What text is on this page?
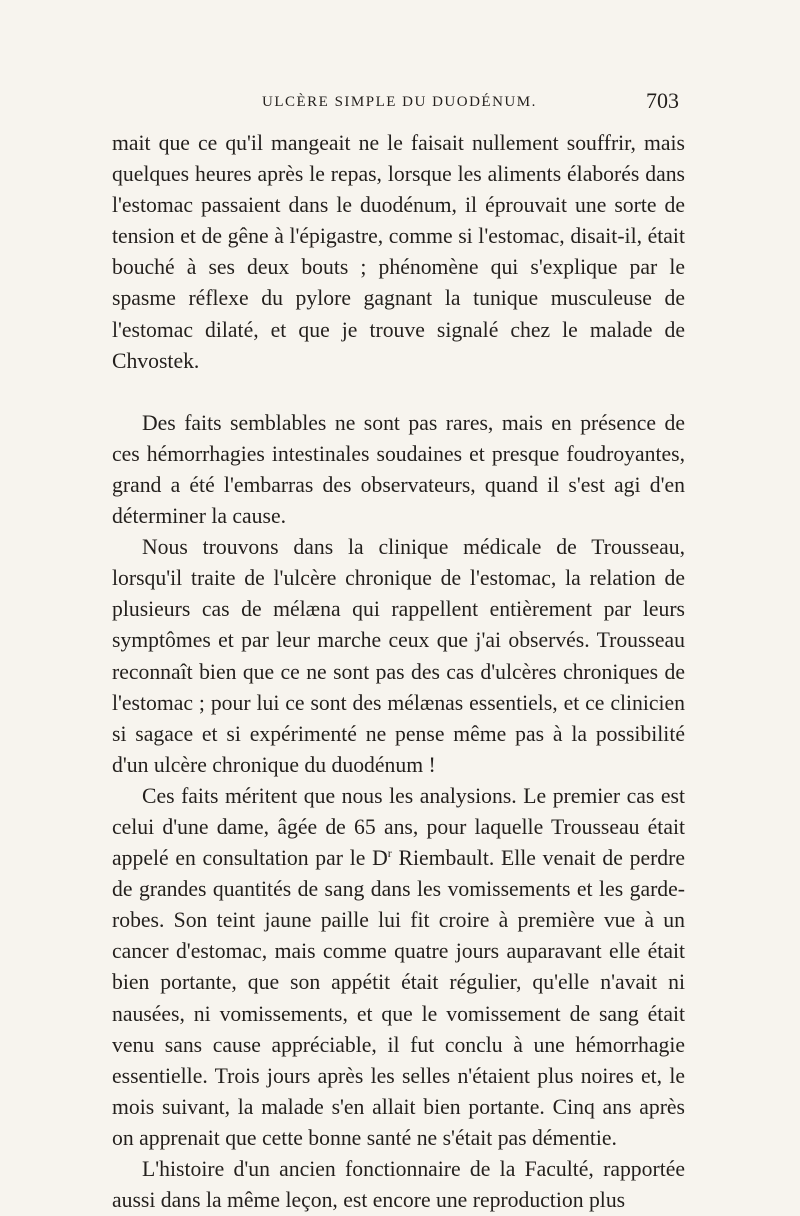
ULCÈRE SIMPLE DU DUODÉNUM.	703

mait que ce qu'il mangeait ne le faisait nullement souffrir, mais quelques heures après le repas, lorsque les aliments élaborés dans l'estomac passaient dans le duodénum, il éprouvait une sorte de tension et de gêne à l'épigastre, comme si l'estomac, disait-il, était bouché à ses deux bouts ; phénomène qui s'explique par le spasme réflexe du pylore gagnant la tunique musculeuse de l'estomac dilaté, et que je trouve signalé chez le malade de Chvostek.

Des faits semblables ne sont pas rares, mais en présence de ces hémorrhagies intestinales soudaines et presque foudroyantes, grand a été l'embarras des observateurs, quand il s'est agi d'en déterminer la cause.

Nous trouvons dans la clinique médicale de Trousseau, lorsqu'il traite de l'ulcère chronique de l'estomac, la relation de plusieurs cas de mélæna qui rappellent entièrement par leurs symptômes et par leur marche ceux que j'ai observés. Trousseau reconnaît bien que ce ne sont pas des cas d'ulcères chroniques de l'estomac ; pour lui ce sont des mélænas essentiels, et ce clinicien si sagace et si expérimenté ne pense même pas à la possibilité d'un ulcère chronique du duodénum !

Ces faits méritent que nous les analysions. Le premier cas est celui d'une dame, âgée de 65 ans, pour laquelle Trousseau était appelé en consultation par le $D^r$ Riembault. Elle venait de perdre de grandes quantités de sang dans les vomissements et les garde-robes. Son teint jaune paille lui fit croire à première vue à un cancer d'estomac, mais comme quatre jours auparavant elle était bien portante, que son appétit était régulier, qu'elle n'avait ni nausées, ni vomissements, et que le vomissement de sang était venu sans cause appréciable, il fut conclu à une hémorrhagie essentielle. Trois jours après les selles n'étaient plus noires et, le mois suivant, la malade s'en allait bien portante. Cinq ans après on apprenait que cette bonne santé ne s'était pas démentie.

L'histoire d'un ancien fonctionnaire de la Faculté, rapportée aussi dans la même leçon, est encore une reproduction plus
